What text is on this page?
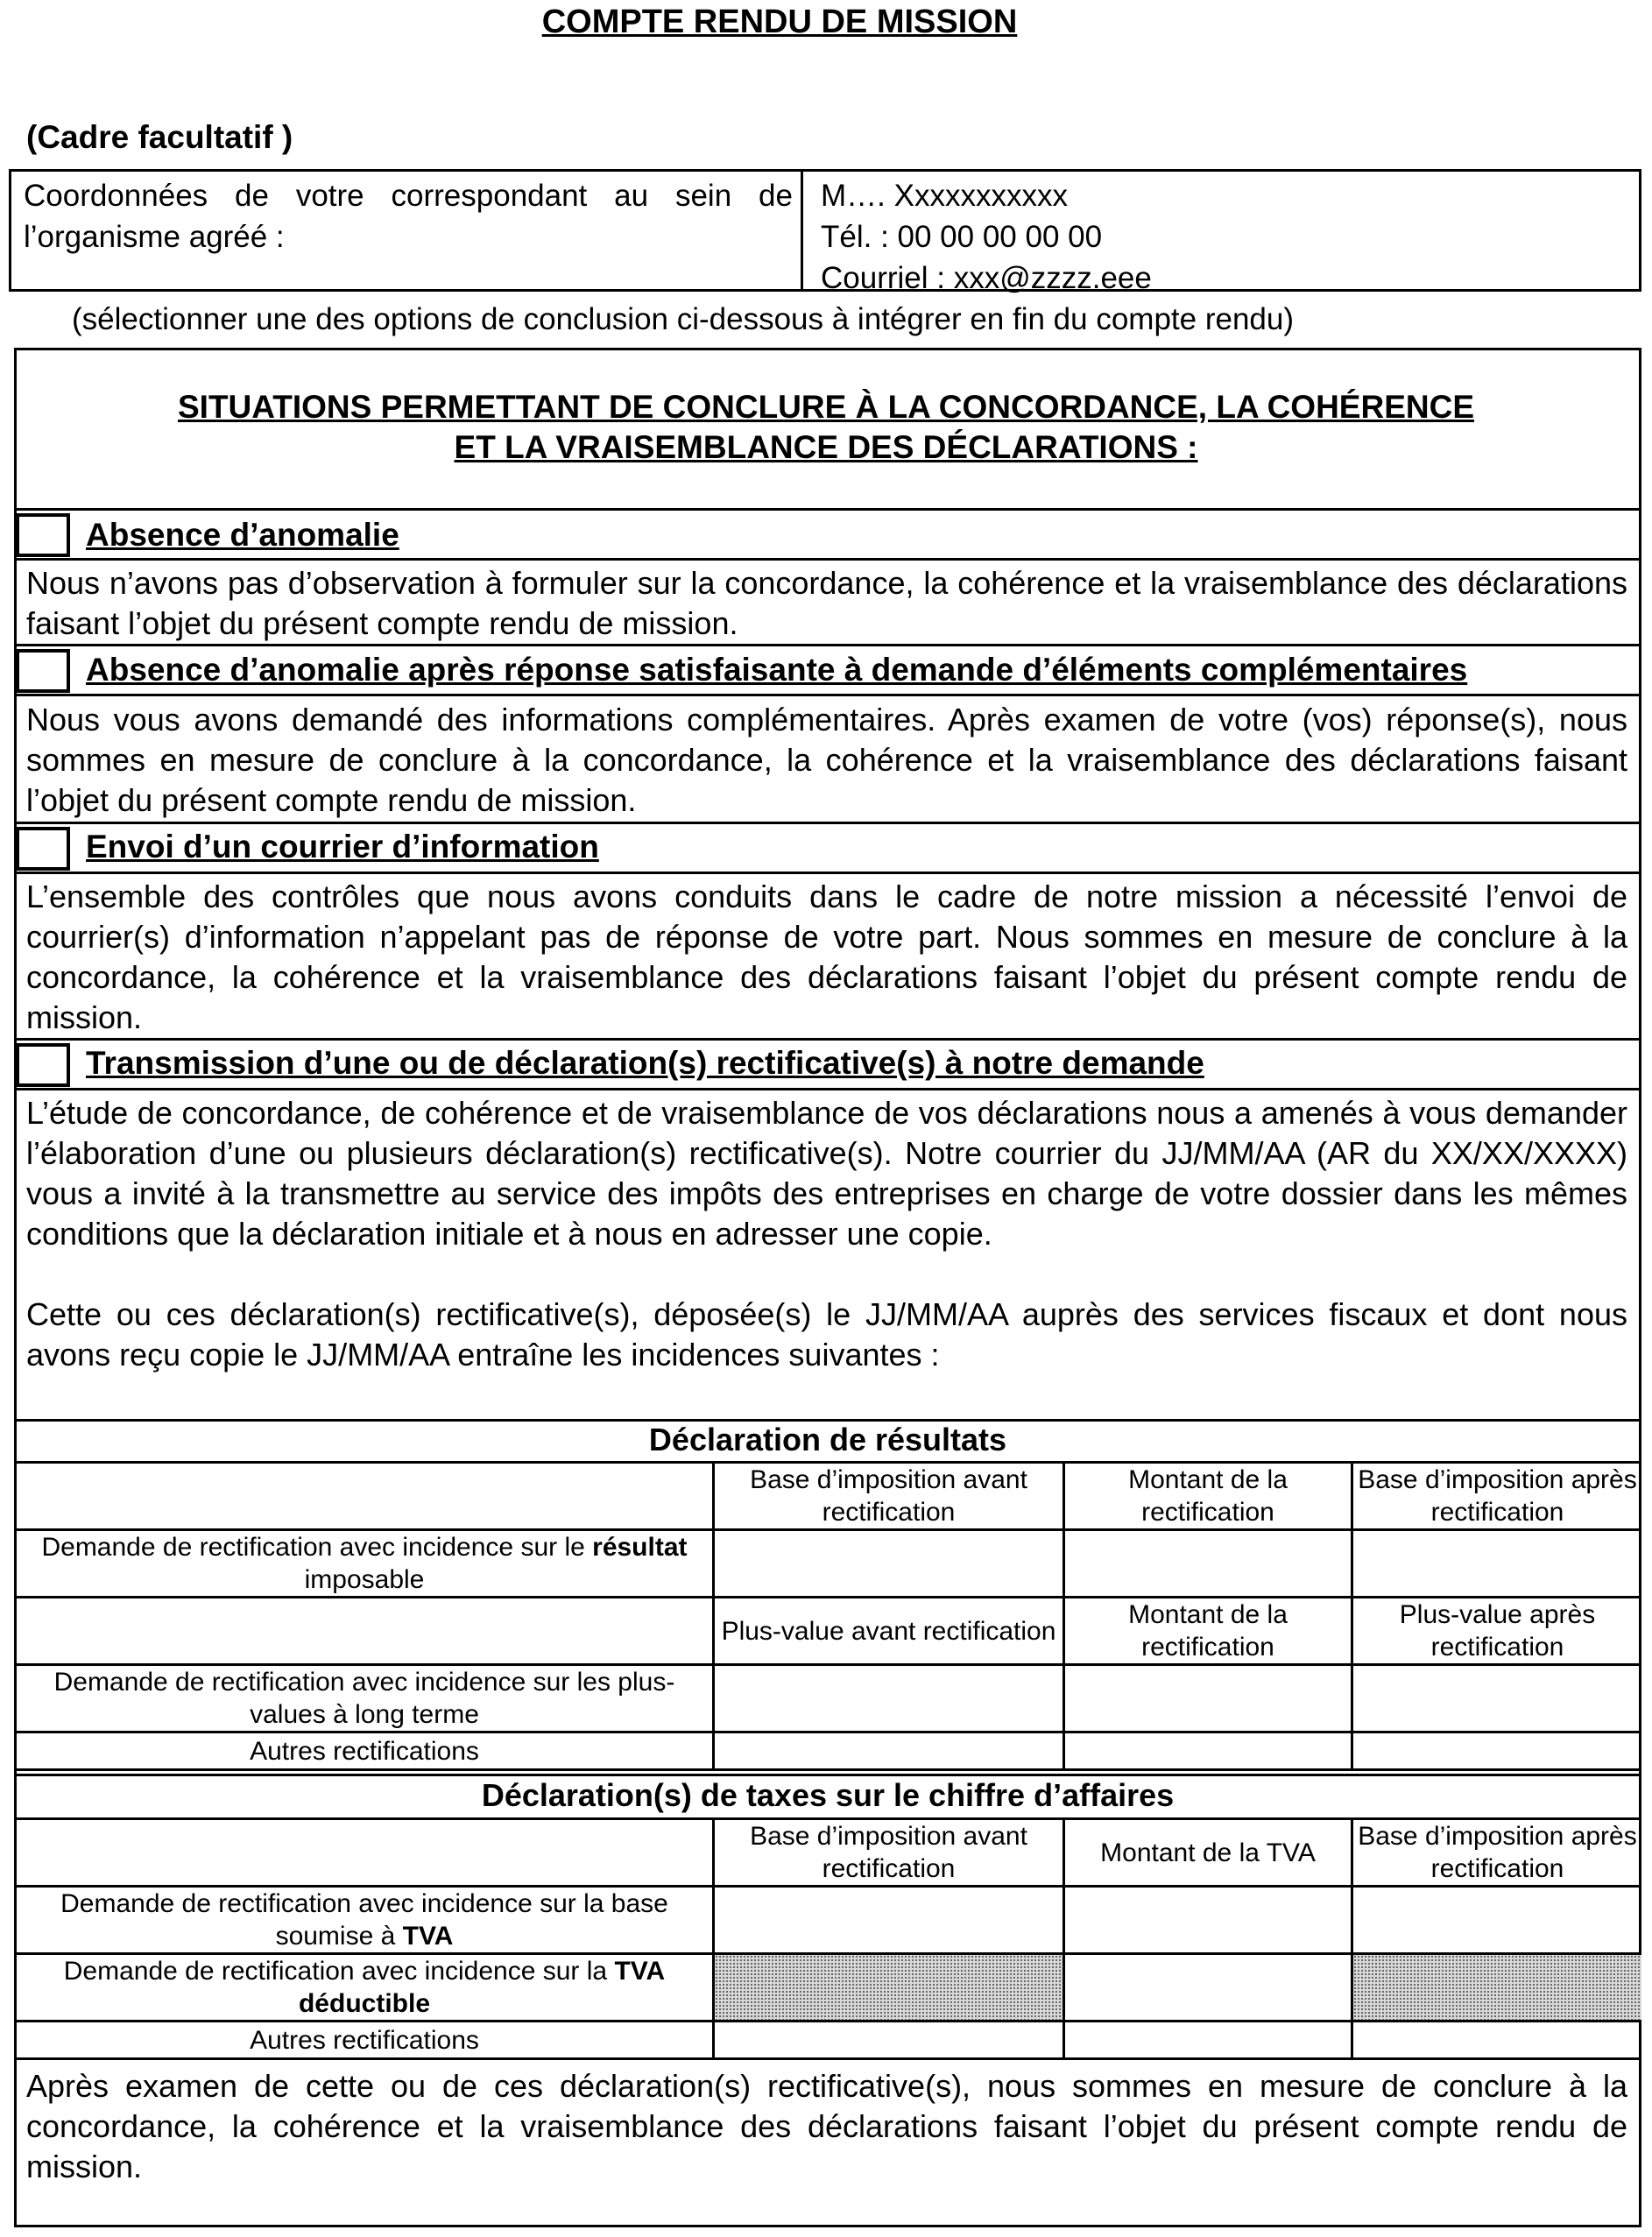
COMPTE RENDU DE MISSION
(Cadre facultatif )
Coordonnées de votre correspondant au sein de l’organisme agréé :
M…. Xxxxxxxxxxx
Tél. : 00 00 00 00 00
Courriel : xxx@zzzz.eee
(sélectionner une des options de conclusion ci-dessous à intégrer en fin du compte rendu)
SITUATIONS PERMETTANT DE CONCLURE À LA CONCORDANCE, LA COHÉRENCE
ET LA VRAISEMBLANCE DES DÉCLARATIONS :
Absence d’anomalie
Nous n’avons pas d’observation à formuler sur la concordance, la cohérence et la vraisemblance des déclarations faisant l’objet du présent compte rendu de mission.
Absence d’anomalie après réponse satisfaisante à demande d’éléments complémentaires
Nous vous avons demandé des informations complémentaires. Après examen de votre (vos) réponse(s), nous sommes en mesure de conclure à la concordance, la cohérence et la vraisemblance des déclarations faisant l’objet du présent compte rendu de mission.
Envoi d’un courrier d’information
L’ensemble des contrôles que nous avons conduits dans le cadre de notre mission a nécessité l’envoi de courrier(s) d’information n’appelant pas de réponse de votre part. Nous sommes en mesure de conclure à la concordance, la cohérence et la vraisemblance des déclarations faisant l’objet du présent compte rendu de mission.
Transmission d’une ou de déclaration(s) rectificative(s) à notre demande
L’étude de concordance, de cohérence et de vraisemblance de vos déclarations nous a amenés à vous demander l’élaboration d’une ou plusieurs déclaration(s) rectificative(s). Notre courrier du JJ/MM/AA (AR du XX/XX/XXXX) vous a invité à la transmettre au service des impôts des entreprises en charge de votre dossier dans les mêmes conditions que la déclaration initiale et à nous en adresser une copie.
Cette ou ces déclaration(s) rectificative(s), déposée(s) le JJ/MM/AA auprès des services fiscaux et dont nous avons reçu copie le JJ/MM/AA entraîne les incidences suivantes :
Déclaration de résultats
Base d’imposition avant rectification
Montant de la rectification
Base d’imposition après rectification
Demande de rectification avec incidence sur le résultat imposable
Plus-value avant rectification
Montant de la rectification
Plus-value après rectification
Demande de rectification avec incidence sur les plus-values à long terme
Autres rectifications
Déclaration(s) de taxes sur le chiffre d’affaires
Base d’imposition avant rectification
Montant de la TVA
Base d’imposition après rectification
Demande de rectification avec incidence sur la base soumise à TVA
Demande de rectification avec incidence sur la TVA déductible
Autres rectifications
Après examen de cette ou de ces déclaration(s) rectificative(s), nous sommes en mesure de conclure à la concordance, la cohérence et la vraisemblance des déclarations faisant l’objet du présent compte rendu de mission.
